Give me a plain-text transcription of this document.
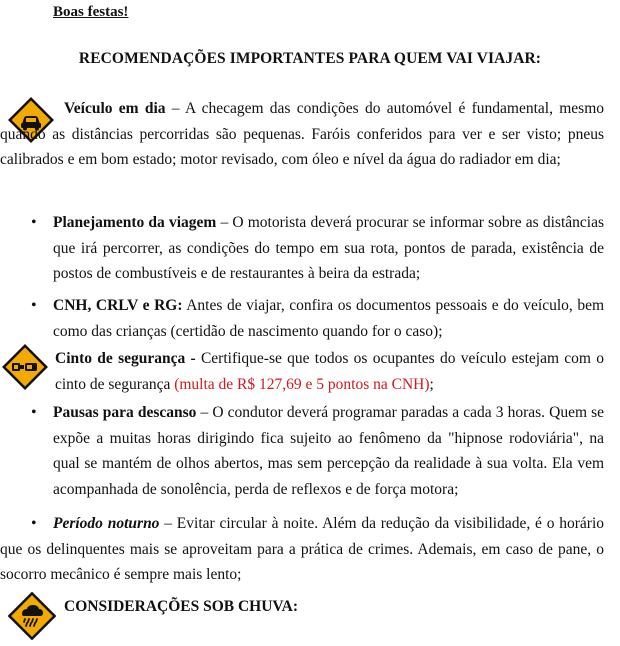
Boas festas!

RECOMENDAÇÕES IMPORTANTES PARA QUEM VAI VIAJAR:

Veículo em dia – A checagem das condições do automóvel é fundamental, mesmo quando as distâncias percorridas são pequenas. Faróis conferidos para ver e ser visto; pneus calibrados e em bom estado; motor revisado, com óleo e nível da água do radiador em dia;

• Planejamento da viagem – O motorista deverá procurar se informar sobre as distâncias que irá percorrer, as condições do tempo em sua rota, pontos de parada, existência de postos de combustíveis e de restaurantes à beira da estrada;

• CNH, CRLV e RG: Antes de viajar, confira os documentos pessoais e do veículo, bem como das crianças (certidão de nascimento quando for o caso);

Cinto de segurança - Certifique-se que todos os ocupantes do veículo estejam com o cinto de segurança (multa de R$ 127,69 e 5 pontos na CNH);

• Pausas para descanso – O condutor deverá programar paradas a cada 3 horas. Quem se expõe a muitas horas dirigindo fica sujeito ao fenômeno da "hipnose rodoviária", na qual se mantém de olhos abertos, mas sem percepção da realidade à sua volta. Ela vem acompanhada de sonolência, perda de reflexos e de força motora;

•	Período noturno – Evitar circular à noite. Além da redução da visibilidade, é o horário que os delinquentes mais se aproveitam para a prática de crimes. Ademais, em caso de pane, o socorro mecânico é sempre mais lento;

CONSIDERAÇÕES SOB CHUVA:
